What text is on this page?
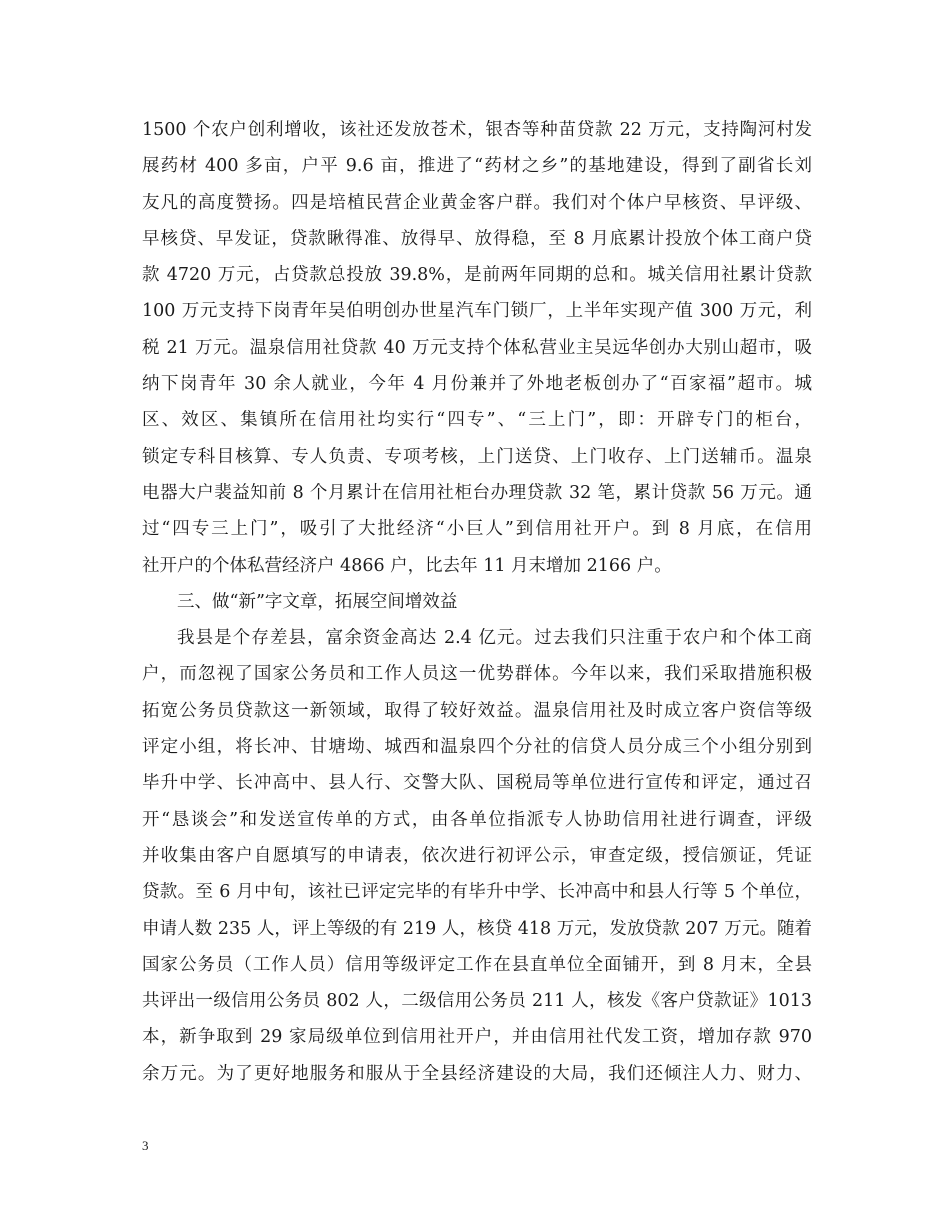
1500 个农户创利增收，该社还发放苍术，银杏等种苗贷款 22 万元，支持陶河村发
展药材 400 多亩，户平 9.6 亩，推进了“药材之乡”的基地建设，得到了副省长刘
友凡的高度赞扬。四是培植民营企业黄金客户群。我们对个体户早核资、早评级、
早核贷、早发证，贷款瞅得准、放得早、放得稳，至 8 月底累计投放个体工商户贷
款 4720 万元，占贷款总投放 39.8%，是前两年同期的总和。城关信用社累计贷款
100 万元支持下岗青年吴伯明创办世星汽车门锁厂，上半年实现产值 300 万元，利
税 21 万元。温泉信用社贷款 40 万元支持个体私营业主吴远华创办大别山超市，吸
纳下岗青年 30 余人就业，今年 4 月份兼并了外地老板创办了“百家福”超市。城
区、效区、集镇所在信用社均实行“四专”、“三上门”，即：开辟专门的柜台，
锁定专科目核算、专人负责、专项考核，上门送贷、上门收存、上门送辅币。温泉
电器大户裴益知前 8 个月累计在信用社柜台办理贷款 32 笔，累计贷款 56 万元。通
过“四专三上门”，吸引了大批经济“小巨人”到信用社开户。到 8 月底，在信用
社开户的个体私营经济户 4866 户，比去年 11 月末增加 2166 户。
三、做“新”字文章，拓展空间增效益
我县是个存差县，富余资金高达 2.4 亿元。过去我们只注重于农户和个体工商
户，而忽视了国家公务员和工作人员这一优势群体。今年以来，我们采取措施积极
拓宽公务员贷款这一新领域，取得了较好效益。温泉信用社及时成立客户资信等级
评定小组，将长冲、甘塘坳、城西和温泉四个分社的信贷人员分成三个小组分别到
毕升中学、长冲高中、县人行、交警大队、国税局等单位进行宣传和评定，通过召
开“恳谈会”和发送宣传单的方式，由各单位指派专人协助信用社进行调查，评级
并收集由客户自愿填写的申请表，依次进行初评公示，审查定级，授信颁证，凭证
贷款。至 6 月中旬，该社已评定完毕的有毕升中学、长冲高中和县人行等 5 个单位，
申请人数 235 人，评上等级的有 219 人，核贷 418 万元，发放贷款 207 万元。随着
国家公务员（工作人员）信用等级评定工作在县直单位全面铺开，到 8 月末，全县
共评出一级信用公务员 802 人，二级信用公务员 211 人，核发《客户贷款证》1013
本，新争取到 29 家局级单位到信用社开户，并由信用社代发工资，增加存款 970
余万元。为了更好地服务和服从于全县经济建设的大局，我们还倾注人力、财力、
3
